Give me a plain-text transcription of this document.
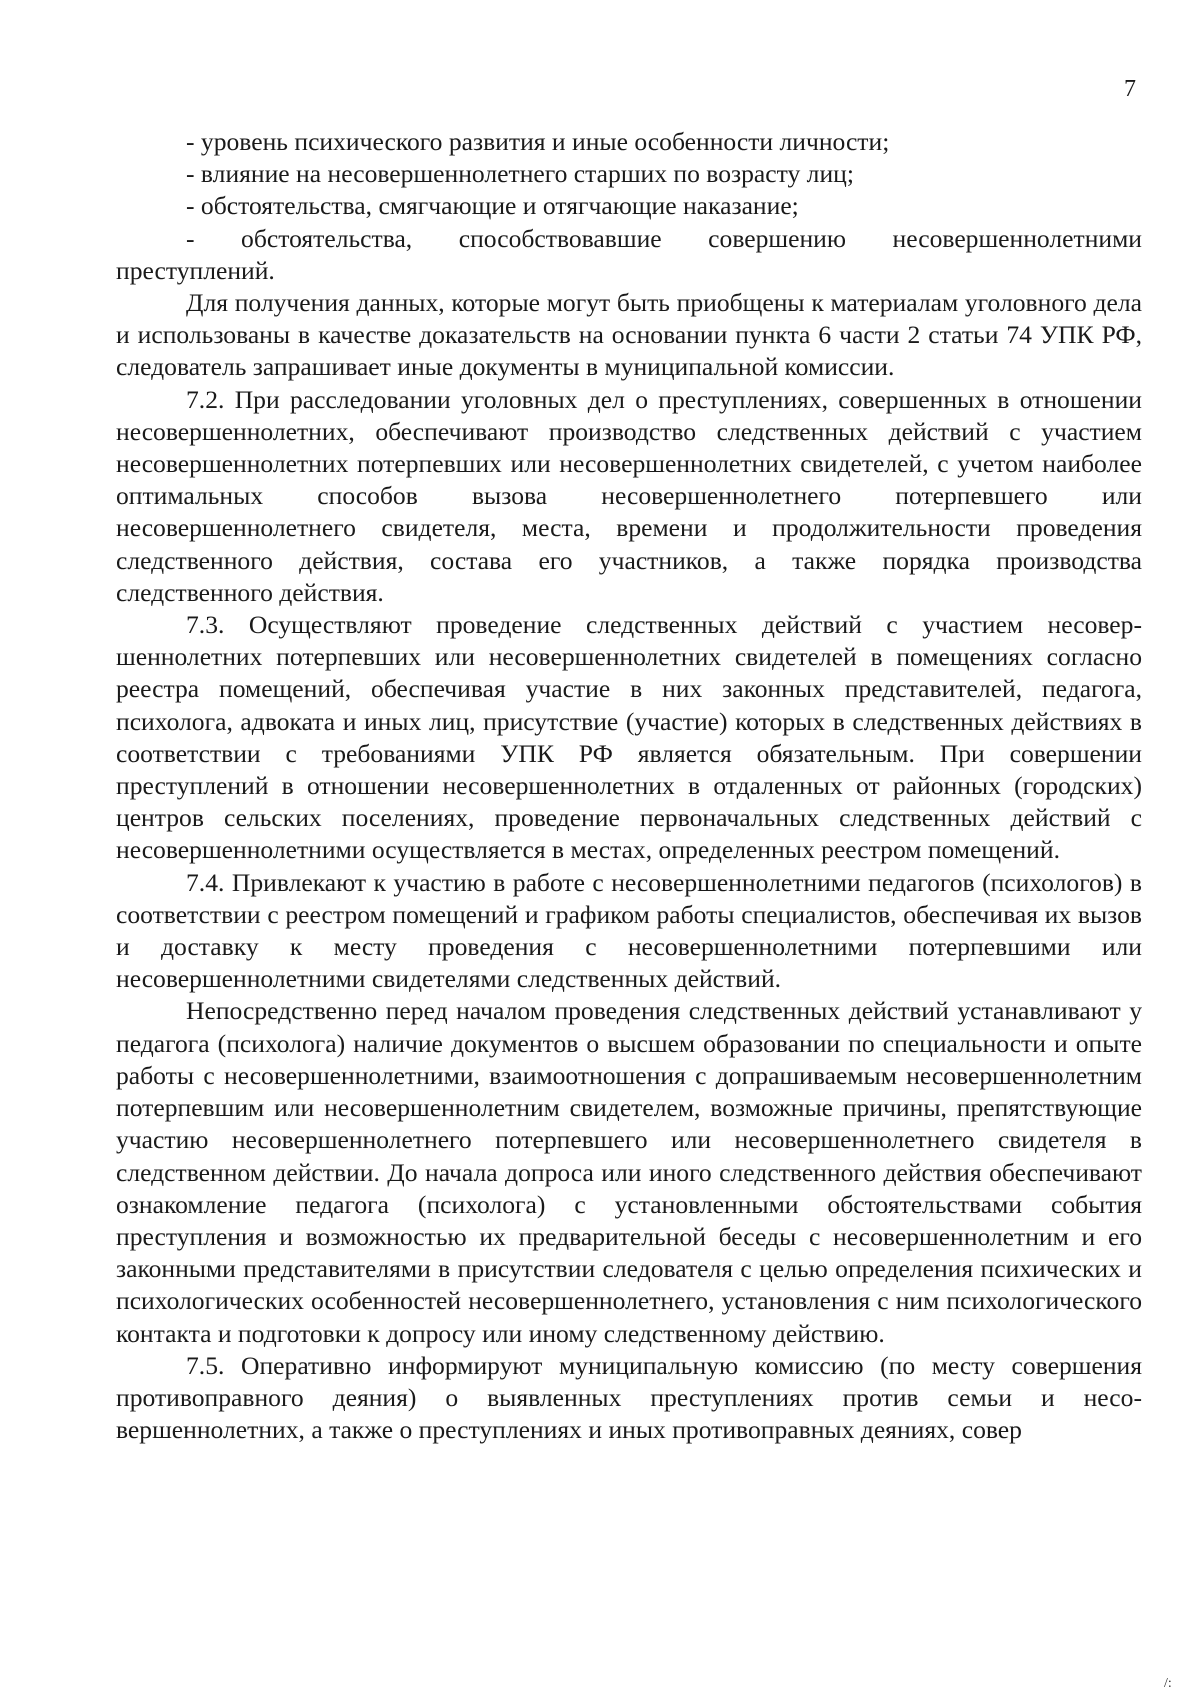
7

- уровень психического развития и иные особенности личности;

- влияние на несовершеннолетнего старших по возрасту лиц;

- обстоятельства, смягчающие и отягчающие наказание;

- обстоятельства, способствовавшие совершению несовершеннолетними преступлений.

Для получения данных, которые могут быть приобщены к материалам уголовного дела и использованы в качестве доказательств на основании пункта 6 части 2 статьи 74 УПК РФ, следователь запрашивает иные документы в муниципальной комиссии.

7.2. При расследовании уголовных дел о преступлениях, совершенных в отношении несовершеннолетних, обеспечивают производство следственных действий с участием несовершеннолетних потерпевших или несовершеннолетних свидетелей, с учетом наиболее оптимальных способов вызова несовершеннолетнего потерпевшего или несовершеннолетнего свидетеля, места, времени и продолжительности проведения следственного действия, состава его участников, а также порядка производства следственного действия.

7.3. Осуществляют проведение следственных действий с участием несовершеннолетних потерпевших или несовершеннолетних свидетелей в помещениях согласно реестра помещений, обеспечивая участие в них законных представителей, педагога, психолога, адвоката и иных лиц, присутствие (участие) которых в следственных действиях в соответствии с требованиями УПК РФ является обязательным. При совершении преступлений в отношении несовершеннолетних в отдаленных от районных (городских) центров сельских поселениях, проведение первоначальных следственных действий с несовершеннолетними осуществляется в местах, определенных реестром помещений.

7.4. Привлекают к участию в работе с несовершеннолетними педагогов (психологов) в соответствии с реестром помещений и графиком работы специалистов, обеспечивая их вызов и доставку к месту проведения с несовершеннолетними потерпевшими или несовершеннолетними свидетелями следственных действий.

Непосредственно перед началом проведения следственных действий устанавливают у педагога (психолога) наличие документов о высшем образовании по специальности и опыте работы с несовершеннолетними, взаимоотношения с допрашиваемым несовершеннолетним потерпевшим или несовершеннолетним свидетелем, возможные причины, препятствующие участию несовершеннолетнего потерпевшего или несовершеннолетнего свидетеля в следственном действии. До начала допроса или иного следственного действия обеспечивают ознакомление педагога (психолога) с установленными обстоятельствами события преступления и возможностью их предварительной беседы с несовершеннолетним и его законными представителями в присутствии следователя с целью определения психических и психологических особенностей несовершеннолетнего, установления с ним психологического контакта и подготовки к допросу или иному следственному действию.

7.5. Оперативно информируют муниципальную комиссию (по месту совершения противоправного деяния) о выявленных преступлениях против семьи и несовершеннолетних, а также о преступлениях и иных противоправных деяниях, совер

/:
